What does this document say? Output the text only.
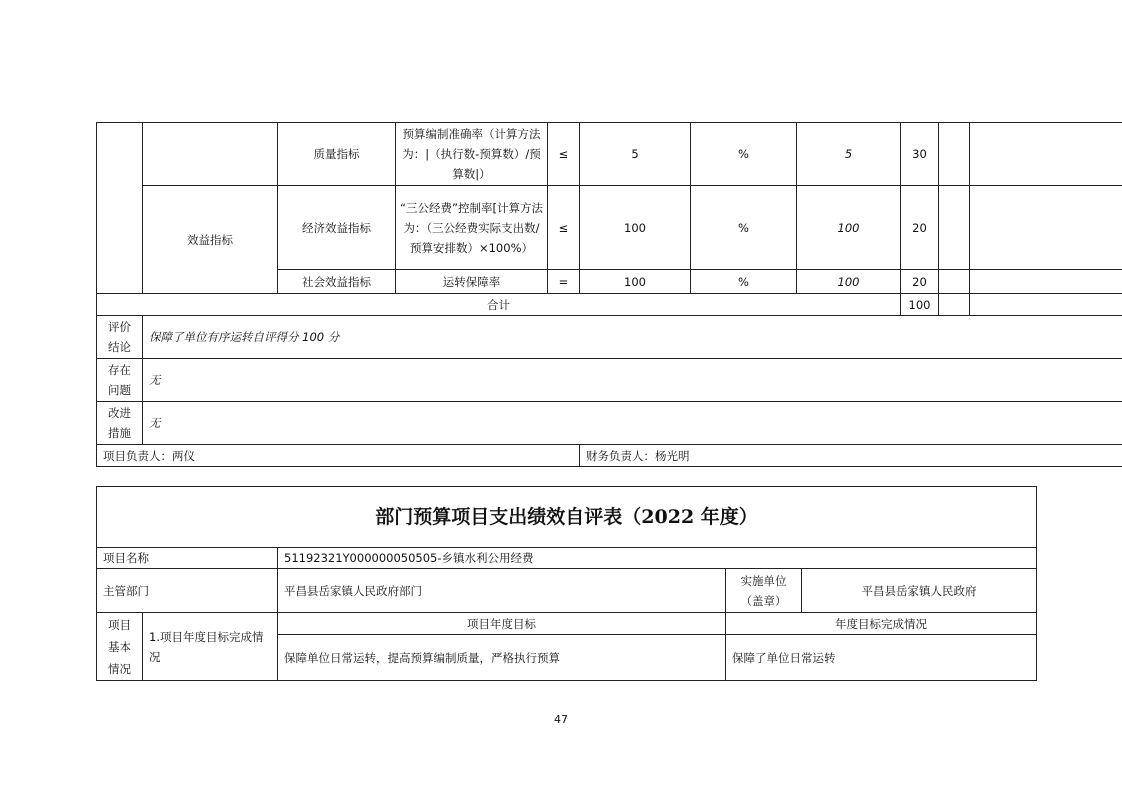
		质量指标	预算编制准确率（计算方法为：|（执行数-预算数）/预算数|）	≤	5	%	5	30		
	效益指标	经济效益指标	“三公经费”控制率[计算方法为：（三公经费实际支出数/预算安排数）×100%）	≤	100	%	100	20		
		社会效益指标	运转保障率	=	100	%	100	20		
合计								100		
评价结论	保障了单位有序运转自评得分 100 分									
存在问题	无									
改进措施	无									
项目负责人：两仪					财务负责人：杨光明					
部门预算项目支出绩效自评表（2022 年度）				
项目名称		51192321Y000000050505-乡镇水利公用经费		
主管部门		平昌县岳家镇人民政府部门	实施单位（盖章）	平昌县岳家镇人民政府
项目基本情况	1.项目年度目标完成情况	项目年度目标	年度目标完成情况	
		保障单位日常运转，提高预算编制质量，严格执行预算	保障了单位日常运转	
47
